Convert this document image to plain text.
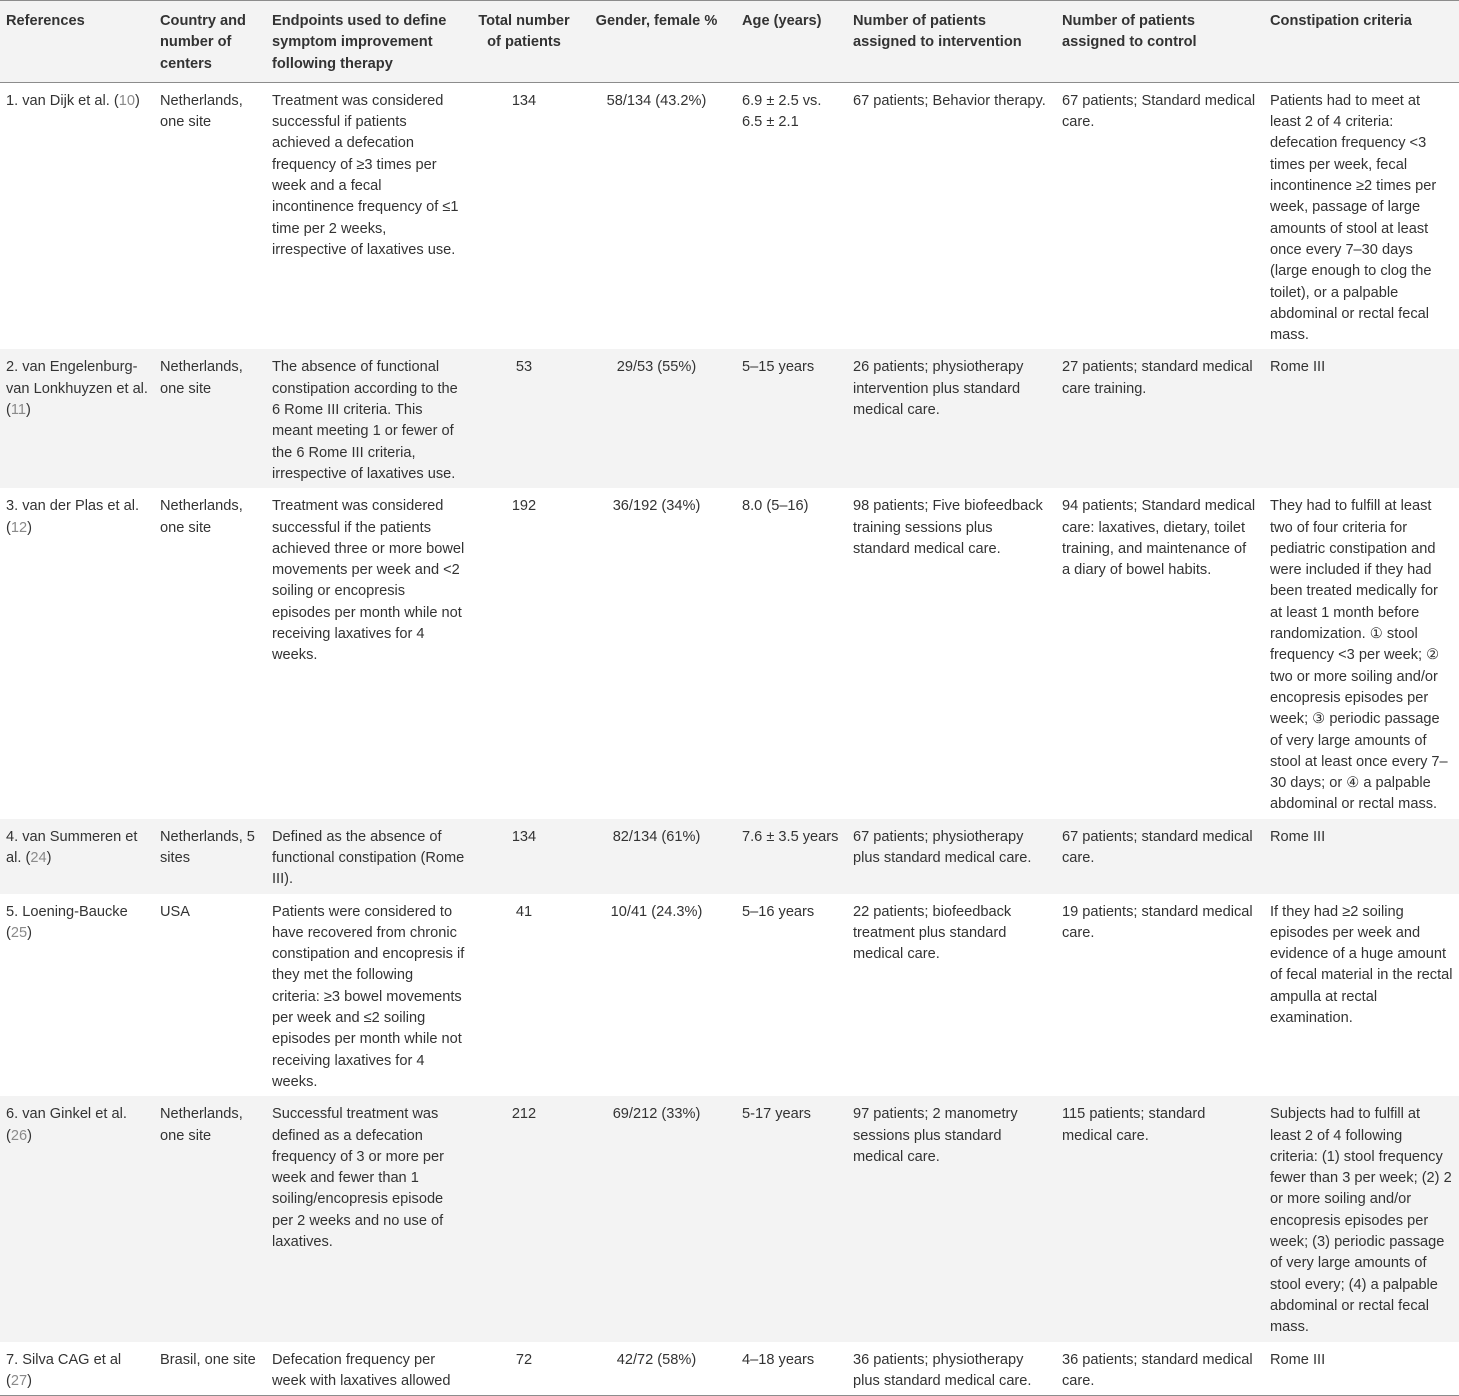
References	Country and number of centers	Endpoints used to define symptom improvement following therapy	Total number of patients	Gender, female %	Age (years)	Number of patients assigned to intervention	Number of patients assigned to control	Constipation criteria
1. van Dijk et al. (10)	Netherlands, one site	Treatment was considered successful if patients achieved a defecation frequency of ≥3 times per week and a fecal incontinence frequency of ≤1 time per 2 weeks, irrespective of laxatives use.	134	58/134 (43.2%)	6.9 ± 2.5 vs. 6.5 ± 2.1	67 patients; Behavior therapy.	67 patients; Standard medical care.	Patients had to meet at least 2 of 4 criteria: defecation frequency <3 times per week, fecal incontinence ≥2 times per week, passage of large amounts of stool at least once every 7–30 days (large enough to clog the toilet), or a palpable abdominal or rectal fecal mass.
2. van Engelenburg-van Lonkhuyzen et al. (11)	Netherlands, one site	The absence of functional constipation according to the 6 Rome III criteria. This meant meeting 1 or fewer of the 6 Rome III criteria, irrespective of laxatives use.	53	29/53 (55%)	5–15 years	26 patients; physiotherapy intervention plus standard medical care.	27 patients; standard medical care training.	Rome III
3. van der Plas et al. (12)	Netherlands, one site	Treatment was considered successful if the patients achieved three or more bowel movements per week and <2 soiling or encopresis episodes per month while not receiving laxatives for 4 weeks.	192	36/192 (34%)	8.0 (5–16)	98 patients; Five biofeedback training sessions plus standard medical care.	94 patients; Standard medical care: laxatives, dietary, toilet training, and maintenance of a diary of bowel habits.	They had to fulfill at least two of four criteria for pediatric constipation and were included if they had been treated medically for at least 1 month before randomization. ① stool frequency <3 per week; ② two or more soiling and/or encopresis episodes per week; ③ periodic passage of very large amounts of stool at least once every 7–30 days; or ④ a palpable abdominal or rectal mass.
4. van Summeren et al. (24)	Netherlands, 5 sites	Defined as the absence of functional constipation (Rome III).	134	82/134 (61%)	7.6 ± 3.5 years	67 patients; physiotherapy plus standard medical care.	67 patients; standard medical care.	Rome III
5. Loening-Baucke (25)	USA	Patients were considered to have recovered from chronic constipation and encopresis if they met the following criteria: ≥3 bowel movements per week and ≤2 soiling episodes per month while not receiving laxatives for 4 weeks.	41	10/41 (24.3%)	5–16 years	22 patients; biofeedback treatment plus standard medical care.	19 patients; standard medical care.	If they had ≥2 soiling episodes per week and evidence of a huge amount of fecal material in the rectal ampulla at rectal examination.
6. van Ginkel et al. (26)	Netherlands, one site	Successful treatment was defined as a defecation frequency of 3 or more per week and fewer than 1 soiling/encopresis episode per 2 weeks and no use of laxatives.	212	69/212 (33%)	5-17 years	97 patients; 2 manometry sessions plus standard medical care.	115 patients; standard medical care.	Subjects had to fulfill at least 2 of 4 following criteria: (1) stool frequency fewer than 3 per week; (2) 2 or more soiling and/or encopresis episodes per week; (3) periodic passage of very large amounts of stool every; (4) a palpable abdominal or rectal fecal mass.
7. Silva CAG et al (27)	Brasil, one site	Defecation frequency per week with laxatives allowed	72	42/72 (58%)	4–18 years	36 patients; physiotherapy plus standard medical care.	36 patients; standard medical care.	Rome III
